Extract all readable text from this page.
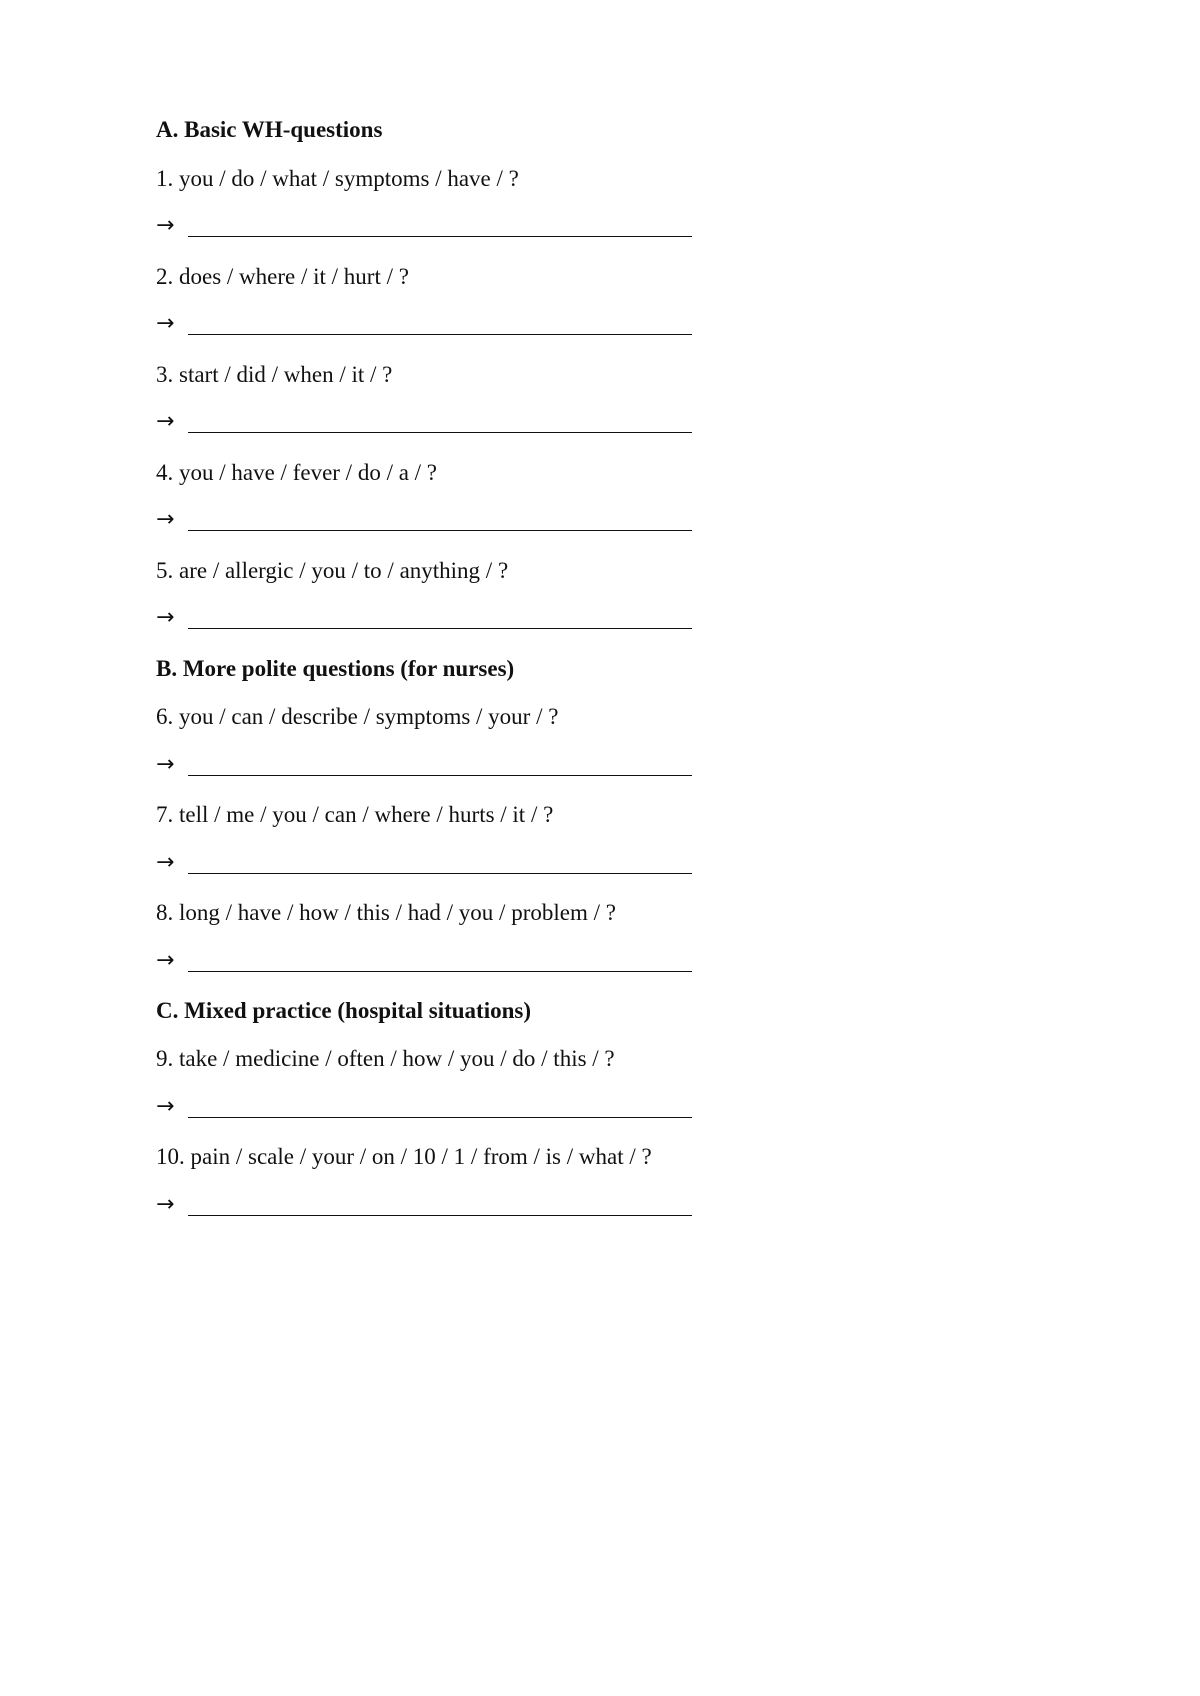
A. Basic WH-questions
1. you / do / what / symptoms / have / ?
→
2. does / where / it / hurt / ?
→
3. start / did / when / it / ?
→
4. you / have / fever / do / a / ?
→
5. are / allergic / you / to / anything / ?
→
B. More polite questions (for nurses)
6. you / can / describe / symptoms / your / ?
→
7. tell / me / you / can / where / hurts / it / ?
→
8. long / have / how / this / had / you / problem / ?
→
C. Mixed practice (hospital situations)
9. take / medicine / often / how / you / do / this / ?
→
10. pain / scale / your / on / 10 / 1 / from / is / what / ?
→
